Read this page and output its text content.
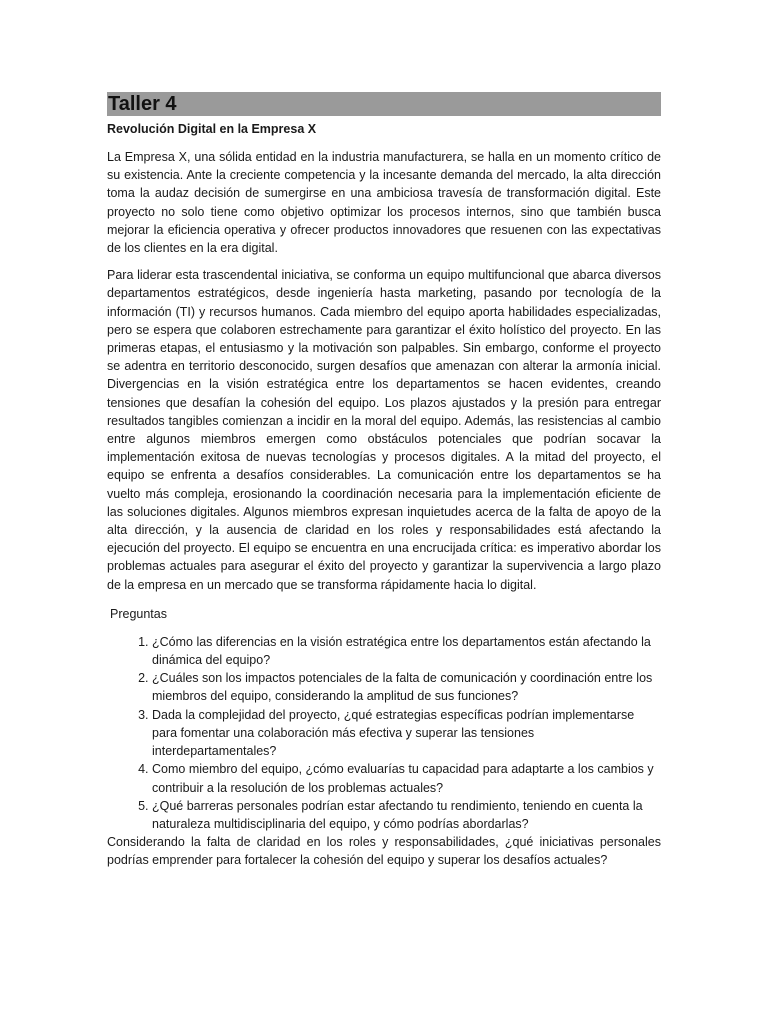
Taller 4
Revolución Digital en la Empresa X

La Empresa X, una sólida entidad en la industria manufacturera, se halla en un momento crítico de su existencia. Ante la creciente competencia y la incesante demanda del mercado, la alta dirección toma la audaz decisión de sumergirse en una ambiciosa travesía de transformación digital. Este proyecto no solo tiene como objetivo optimizar los procesos internos, sino que también busca mejorar la eficiencia operativa y ofrecer productos innovadores que resuenen con las expectativas de los clientes en la era digital.

Para liderar esta trascendental iniciativa, se conforma un equipo multifuncional que abarca diversos departamentos estratégicos, desde ingeniería hasta marketing, pasando por tecnología de la información (TI) y recursos humanos. Cada miembro del equipo aporta habilidades especializadas, pero se espera que colaboren estrechamente para garantizar el éxito holístico del proyecto. En las primeras etapas, el entusiasmo y la motivación son palpables. Sin embargo, conforme el proyecto se adentra en territorio desconocido, surgen desafíos que amenazan con alterar la armonía inicial. Divergencias en la visión estratégica entre los departamentos se hacen evidentes, creando tensiones que desafían la cohesión del equipo. Los plazos ajustados y la presión para entregar resultados tangibles comienzan a incidir en la moral del equipo. Además, las resistencias al cambio entre algunos miembros emergen como obstáculos potenciales que podrían socavar la implementación exitosa de nuevas tecnologías y procesos digitales. A la mitad del proyecto, el equipo se enfrenta a desafíos considerables. La comunicación entre los departamentos se ha vuelto más compleja, erosionando la coordinación necesaria para la implementación eficiente de las soluciones digitales. Algunos miembros expresan inquietudes acerca de la falta de apoyo de la alta dirección, y la ausencia de claridad en los roles y responsabilidades está afectando la ejecución del proyecto. El equipo se encuentra en una encrucijada crítica: es imperativo abordar los problemas actuales para asegurar el éxito del proyecto y garantizar la supervivencia a largo plazo de la empresa en un mercado que se transforma rápidamente hacia lo digital.

Preguntas
1. ¿Cómo las diferencias en la visión estratégica entre los departamentos están afectando la dinámica del equipo?
2. ¿Cuáles son los impactos potenciales de la falta de comunicación y coordinación entre los miembros del equipo, considerando la amplitud de sus funciones?
3. Dada la complejidad del proyecto, ¿qué estrategias específicas podrían implementarse para fomentar una colaboración más efectiva y superar las tensiones interdepartamentales?
4. Como miembro del equipo, ¿cómo evaluarías tu capacidad para adaptarte a los cambios y contribuir a la resolución de los problemas actuales?
5. ¿Qué barreras personales podrían estar afectando tu rendimiento, teniendo en cuenta la naturaleza multidisciplinaria del equipo, y cómo podrías abordarlas?

Considerando la falta de claridad en los roles y responsabilidades, ¿qué iniciativas personales podrías emprender para fortalecer la cohesión del equipo y superar los desafíos actuales?
